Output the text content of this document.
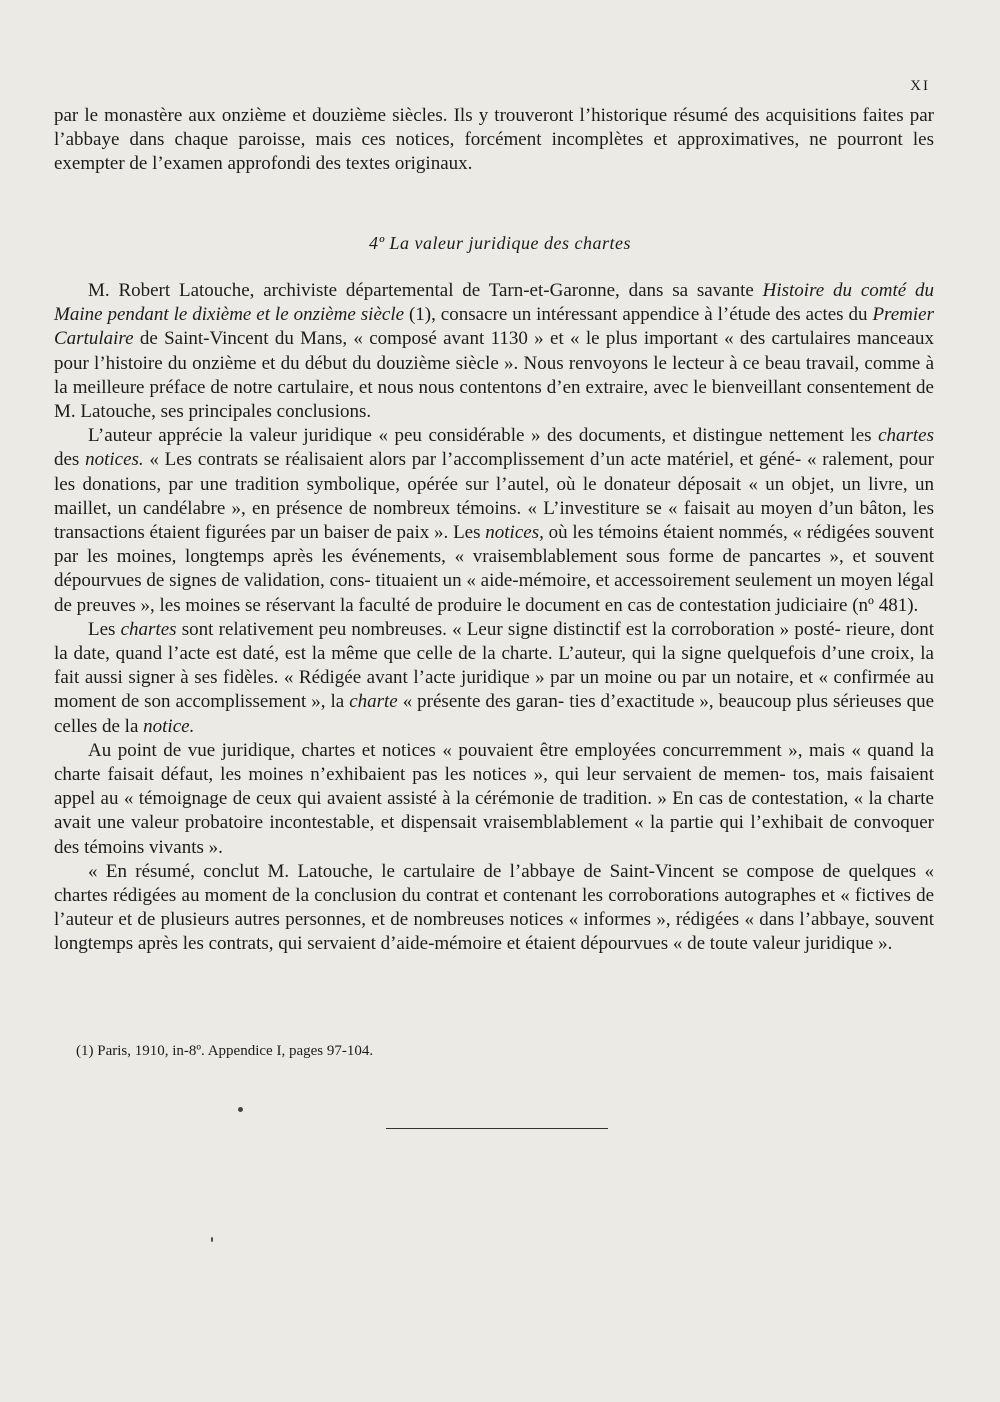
XI

par le monastère aux onzième et douzième siècles. Ils y trouveront l’historique résumé des acquisitions faites par l’abbaye dans chaque paroisse, mais ces notices, forcément incomplètes et approximatives, ne pourront les exempter de l’examen approfondi des textes originaux.

4º La valeur juridique des chartes

M. Robert Latouche, archiviste départemental de Tarn-et-Garonne, dans sa savante Histoire du comté du Maine pendant le dixième et le onzième siècle (1), consacre un intéressant appendice à l’étude des actes du Premier Cartulaire de Saint-Vincent du Mans, « composé avant 1130 » et « le plus important « des cartulaires manceaux pour l’histoire du onzième et du début du douzième siècle ». Nous renvoyons le lecteur à ce beau travail, comme à la meilleure préface de notre cartulaire, et nous nous contentons d’en extraire, avec le bienveillant consentement de M. Latouche, ses principales conclusions.

L’auteur apprécie la valeur juridique « peu considérable » des documents, et distingue nettement les chartes des notices. « Les contrats se réalisaient alors par l’accomplissement d’un acte matériel, et géné- « ralement, pour les donations, par une tradition symbolique, opérée sur l’autel, où le donateur déposait « un objet, un livre, un maillet, un candélabre », en présence de nombreux témoins. « L’investiture se « faisait au moyen d’un bâton, les transactions étaient figurées par un baiser de paix ». Les notices, où les témoins étaient nommés, « rédigées souvent par les moines, longtemps après les événements, « vraisemblablement sous forme de pancartes », et souvent dépourvues de signes de validation, cons- tituaient un « aide-mémoire, et accessoirement seulement un moyen légal de preuves », les moines se réservant la faculté de produire le document en cas de contestation judiciaire (nº 481).

Les chartes sont relativement peu nombreuses. « Leur signe distinctif est la corroboration » posté- rieure, dont la date, quand l’acte est daté, est la même que celle de la charte. L’auteur, qui la signe quelquefois d’une croix, la fait aussi signer à ses fidèles. « Rédigée avant l’acte juridique » par un moine ou par un notaire, et « confirmée au moment de son accomplissement », la charte « présente des garan- ties d’exactitude », beaucoup plus sérieuses que celles de la notice.

Au point de vue juridique, chartes et notices « pouvaient être employées concurremment », mais « quand la charte faisait défaut, les moines n’exhibaient pas les notices », qui leur servaient de memen- tos, mais faisaient appel au « témoignage de ceux qui avaient assisté à la cérémonie de tradition. » En cas de contestation, « la charte avait une valeur probatoire incontestable, et dispensait vraisemblablement « la partie qui l’exhibait de convoquer des témoins vivants ».

« En résumé, conclut M. Latouche, le cartulaire de l’abbaye de Saint-Vincent se compose de quelques « chartes rédigées au moment de la conclusion du contrat et contenant les corroborations autographes et « fictives de l’auteur et de plusieurs autres personnes, et de nombreuses notices « informes », rédigées « dans l’abbaye, souvent longtemps après les contrats, qui servaient d’aide-mémoire et étaient dépourvues « de toute valeur juridique ».

(1) Paris, 1910, in-8º. Appendice I, pages 97-104.
